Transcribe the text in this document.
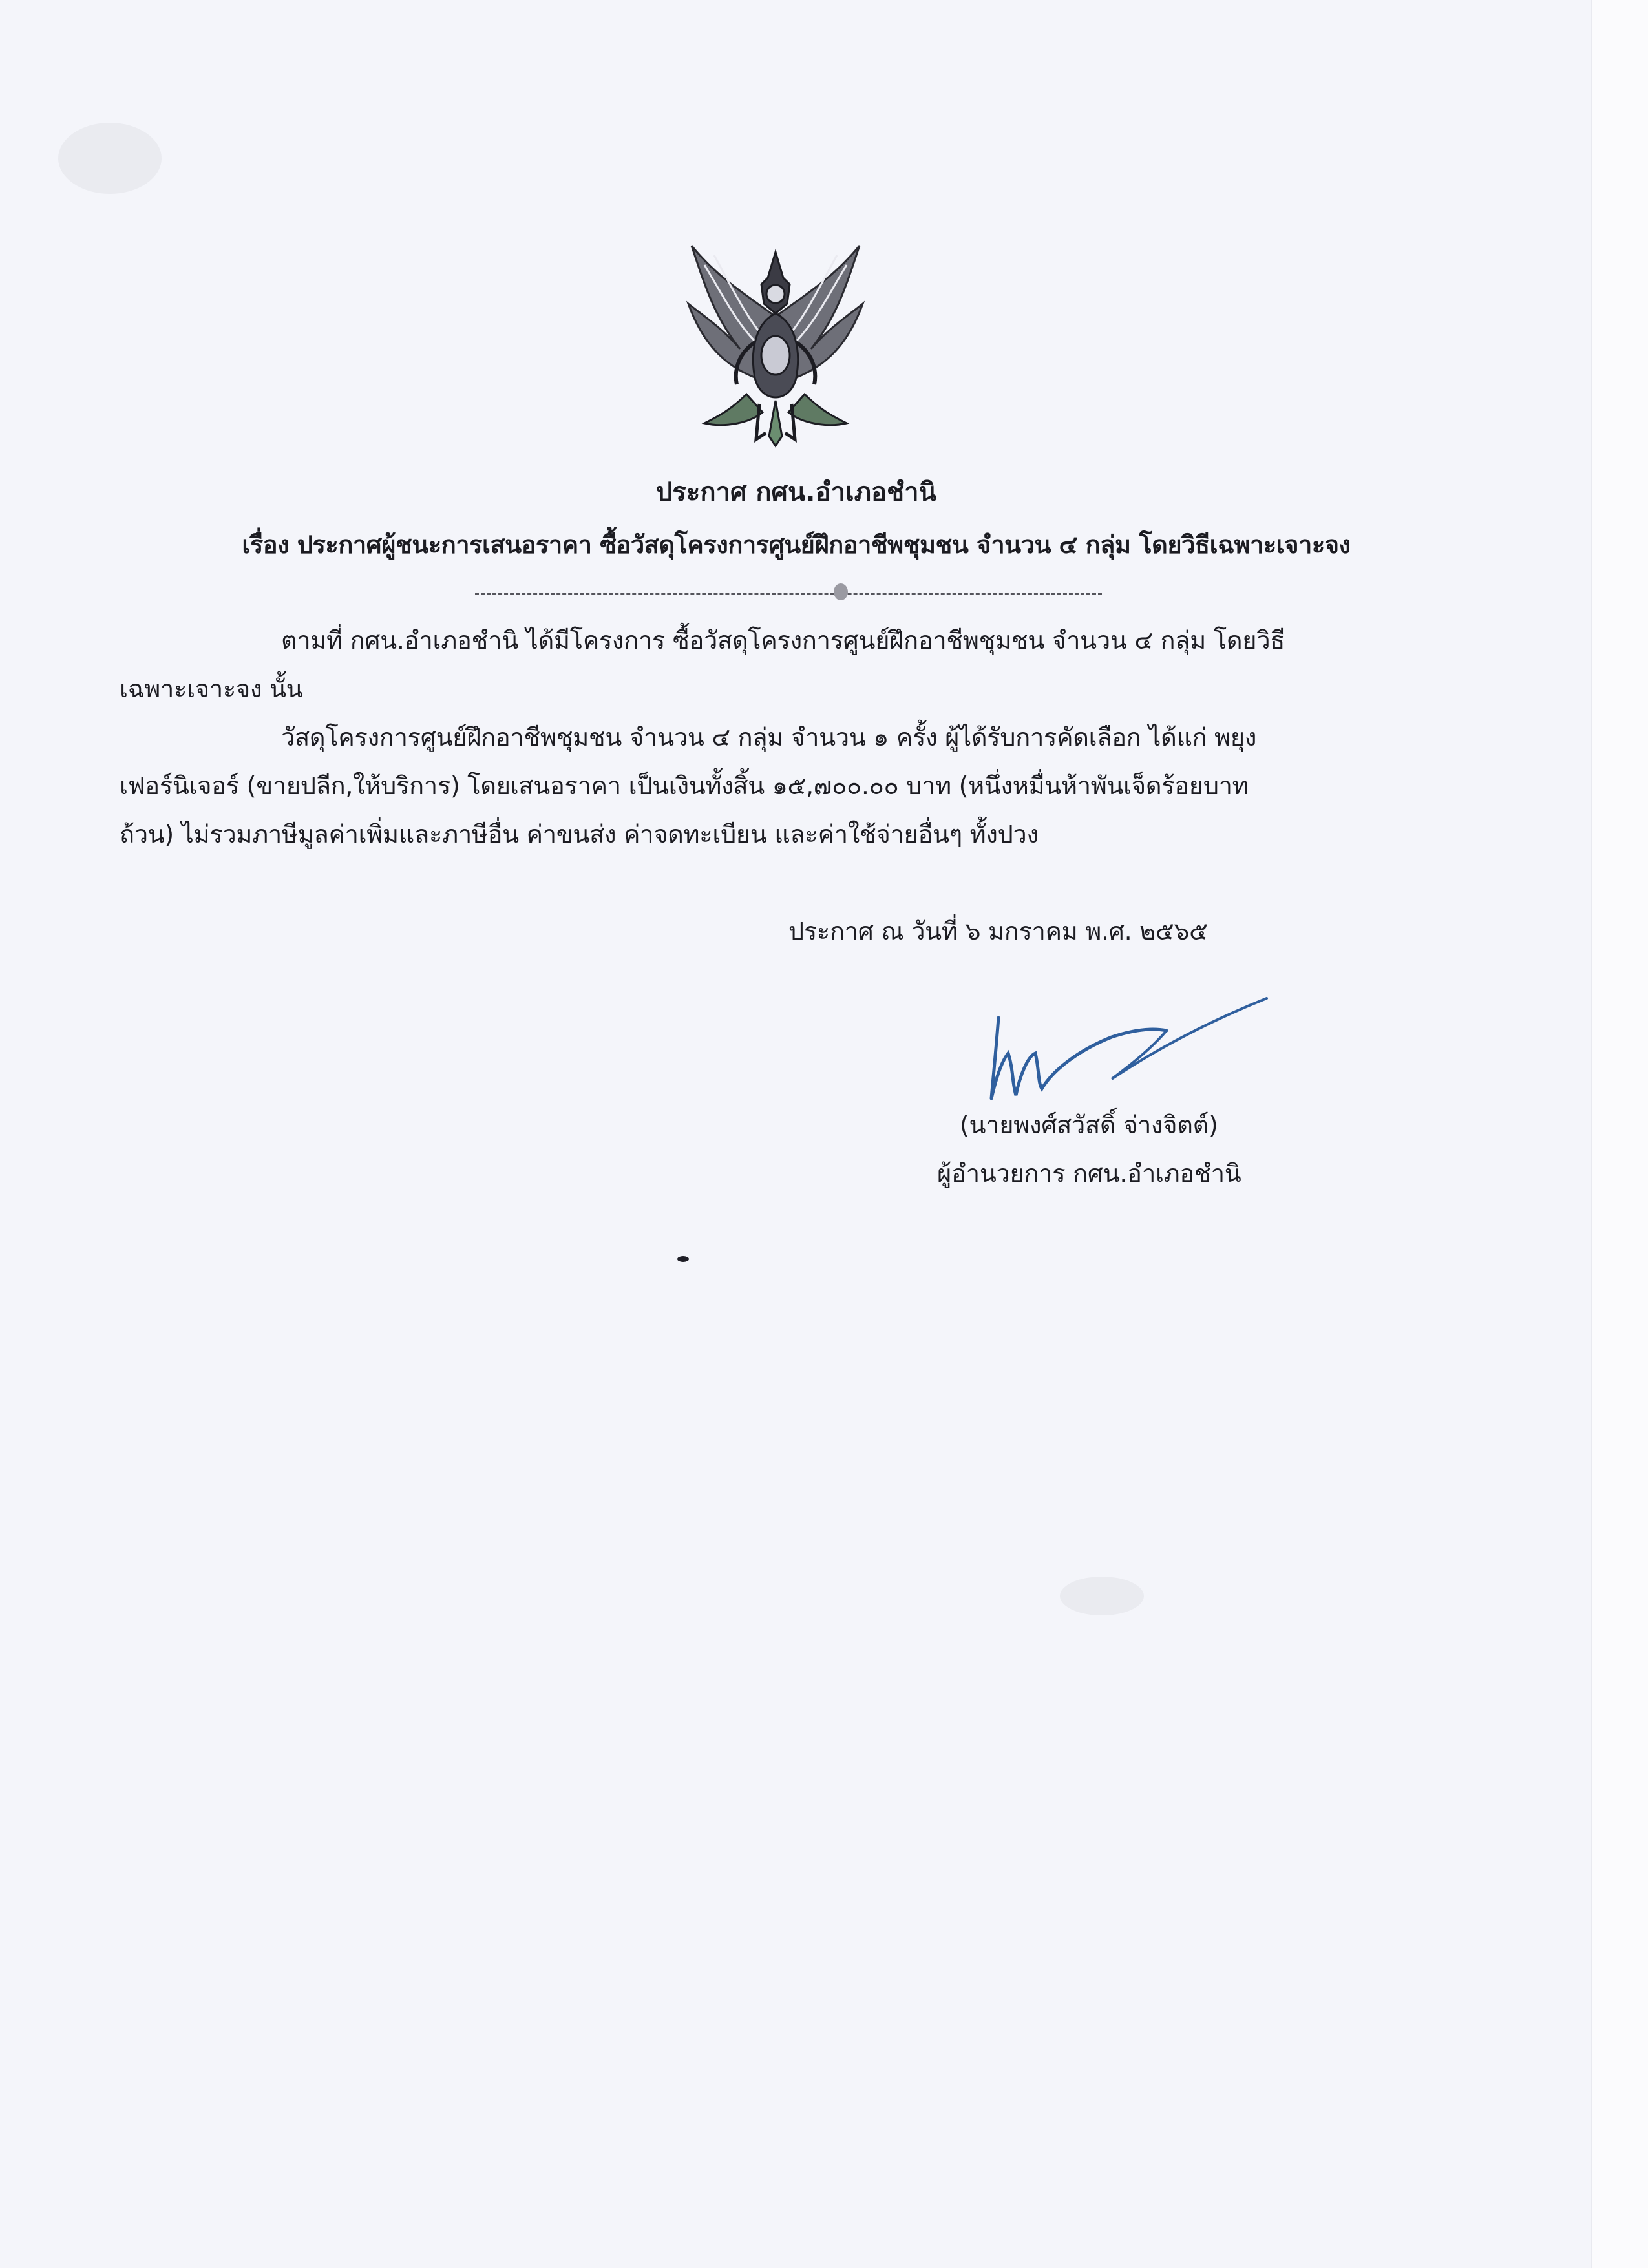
ประกาศ กศน.อำเภอชำนิ
เรื่อง ประกาศผู้ชนะการเสนอราคา ซื้อวัสดุโครงการศูนย์ฝึกอาชีพชุมชน จำนวน ๔ กลุ่ม โดยวิธีเฉพาะเจาะจง
ตามที่ กศน.อำเภอชำนิ ได้มีโครงการ ซื้อวัสดุโครงการศูนย์ฝึกอาชีพชุมชน จำนวน ๔ กลุ่ม โดยวิธี
เฉพาะเจาะจง นั้น
วัสดุโครงการศูนย์ฝึกอาชีพชุมชน จำนวน ๔ กลุ่ม จำนวน ๑ ครั้ง ผู้ได้รับการคัดเลือก ได้แก่ พยุง
เฟอร์นิเจอร์ (ขายปลีก,ให้บริการ) โดยเสนอราคา เป็นเงินทั้งสิ้น ๑๕,๗๐๐.๐๐ บาท (หนึ่งหมื่นห้าพันเจ็ดร้อยบาท
ถ้วน) ไม่รวมภาษีมูลค่าเพิ่มและภาษีอื่น ค่าขนส่ง ค่าจดทะเบียน และค่าใช้จ่ายอื่นๆ ทั้งปวง
ประกาศ ณ วันที่ ๖ มกราคม พ.ศ. ๒๕๖๕
(นายพงศ์สวัสดิ์ จ่างจิตต์)
ผู้อำนวยการ กศน.อำเภอชำนิ
